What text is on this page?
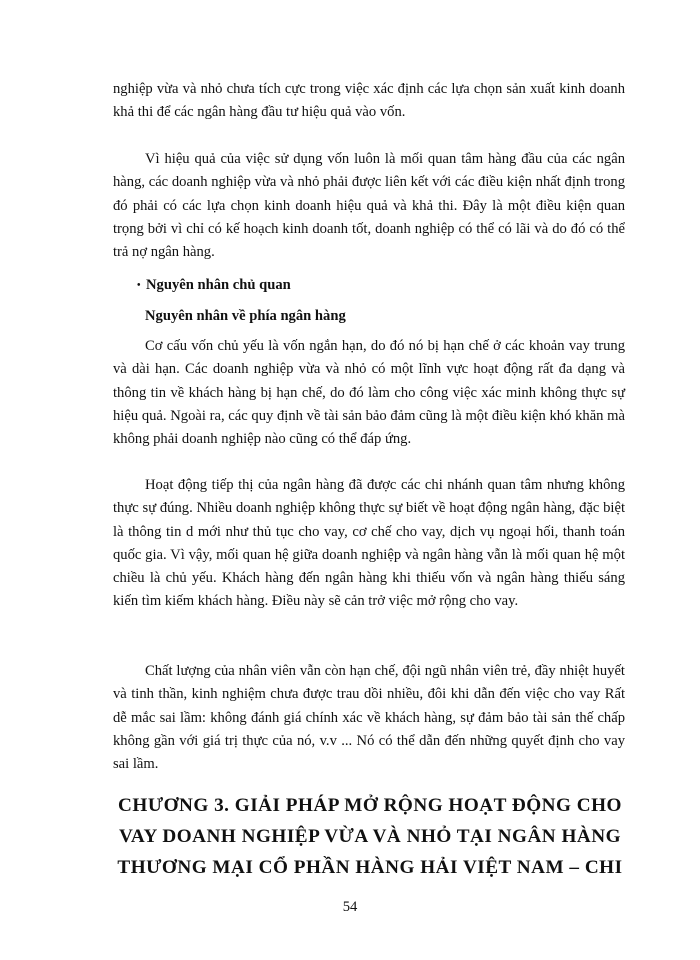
nghiệp vừa và nhỏ chưa tích cực trong việc xác định các lựa chọn sản xuất kinh doanh khả thi để các ngân hàng đầu tư hiệu quả vào vốn.

Vì hiệu quả của việc sử dụng vốn luôn là mối quan tâm hàng đầu của các ngân hàng, các doanh nghiệp vừa và nhỏ phải được liên kết với các điều kiện nhất định trong đó phải có các lựa chọn kinh doanh hiệu quả và khả thi. Đây là một điều kiện quan trọng bởi vì chỉ có kế hoạch kinh doanh tốt, doanh nghiệp có thể có lãi và do đó có thể trả nợ ngân hàng.

• Nguyên nhân chủ quan
Nguyên nhân về phía ngân hàng

Cơ cấu vốn chủ yếu là vốn ngắn hạn, do đó nó bị hạn chế ở các khoản vay trung và dài hạn. Các doanh nghiệp vừa và nhỏ có một lĩnh vực hoạt động rất đa dạng và thông tin về khách hàng bị hạn chế, do đó làm cho công việc xác minh không thực sự hiệu quả. Ngoài ra, các quy định về tài sản bảo đảm cũng là một điều kiện khó khăn mà không phải doanh nghiệp nào cũng có thể đáp ứng.

Hoạt động tiếp thị của ngân hàng đã được các chi nhánh quan tâm nhưng không thực sự đúng. Nhiều doanh nghiệp không thực sự biết về hoạt động ngân hàng, đặc biệt là thông tin d mới như thủ tục cho vay, cơ chế cho vay, dịch vụ ngoại hối, thanh toán quốc gia. Vì vậy, mối quan hệ giữa doanh nghiệp và ngân hàng vẫn là mối quan hệ một chiều là chủ yếu. Khách hàng đến ngân hàng khi thiếu vốn và ngân hàng thiếu sáng kiến tìm kiếm khách hàng. Điều này sẽ cản trở việc mở rộng cho vay.

Chất lượng của nhân viên vẫn còn hạn chế, đội ngũ nhân viên trẻ, đầy nhiệt huyết và tinh thần, kinh nghiệm chưa được trau dồi nhiều, đôi khi dẫn đến việc cho vay Rất dễ mắc sai lầm: không đánh giá chính xác về khách hàng, sự đảm bảo tài sản thế chấp không gần với giá trị thực của nó, v.v ... Nó có thể dẫn đến những quyết định cho vay sai lầm.

CHƯƠNG 3. GIẢI PHÁP MỞ RỘNG HOẠT ĐỘNG CHO
VAY DOANH NGHIỆP VỪA VÀ NHỎ TẠI NGÂN HÀNG
THƯƠNG MẠI CỔ PHẦN HÀNG HẢI VIỆT NAM – CHI
54
